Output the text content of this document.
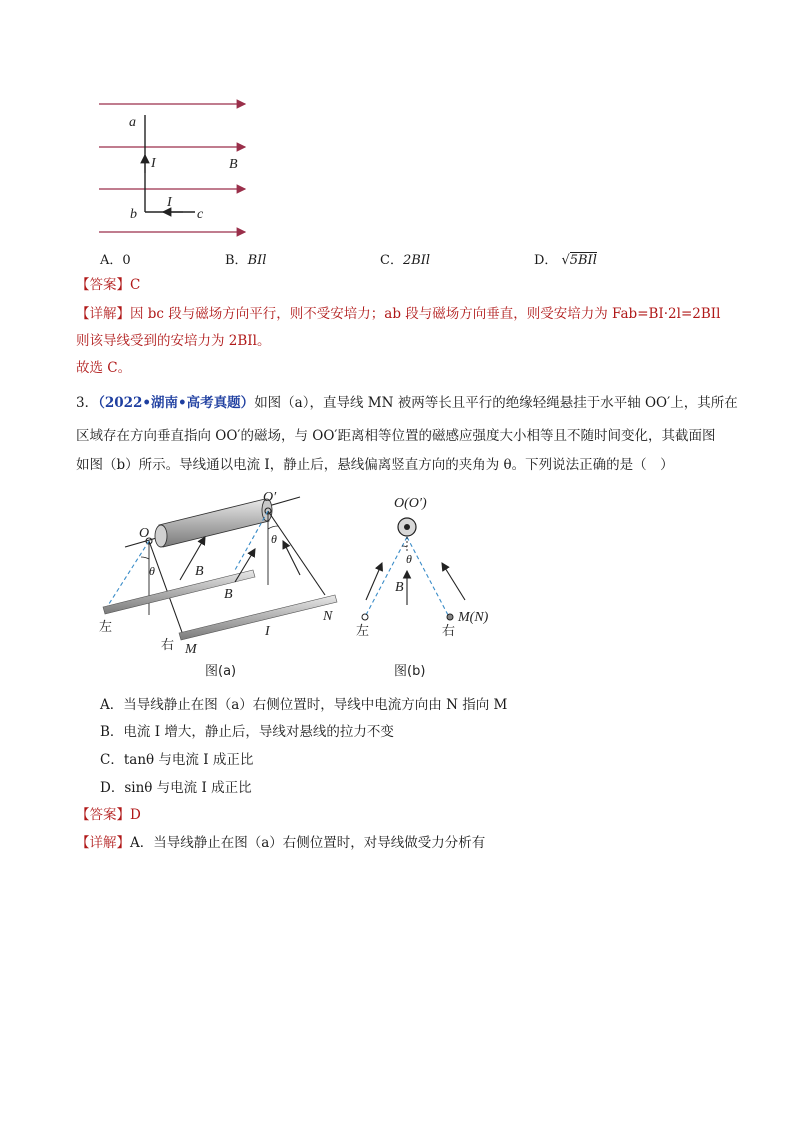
a
I	B
I
b	c
A．0	B．BIl	C．2BIl	D． √5BIl
【答案】C
【详解】因 bc 段与磁场方向平行，则不受安培力；ab 段与磁场方向垂直，则受安培力为 Fab=BI·2l=2BIl
则该导线受到的安培力为 2BIl。
故选 C。
3．（2022•湖南•高考真题）如图（a），直导线 MN 被两等长且平行的绝缘轻绳悬挂于水平轴 OO′上，其所在
区域存在方向垂直指向 OO′的磁场，与 OO′距离相等位置的磁感应强度大小相等且不随时间变化，其截面图
如图（b）所示。导线通以电流 I，静止后，悬线偏离竖直方向的夹角为 θ。下列说法正确的是（　）
O
O′
θ
θ
B
B
I
N
M
左
右
图(a)
O(O′)
θ
B
左	右
M(N)
图(b)
A．当导线静止在图（a）右侧位置时，导线中电流方向由 N 指向 M
B．电流 I 增大，静止后，导线对悬线的拉力不变
C．tanθ 与电流 I 成正比
D．sinθ 与电流 I 成正比
【答案】D
【详解】A．当导线静止在图（a）右侧位置时，对导线做受力分析有
